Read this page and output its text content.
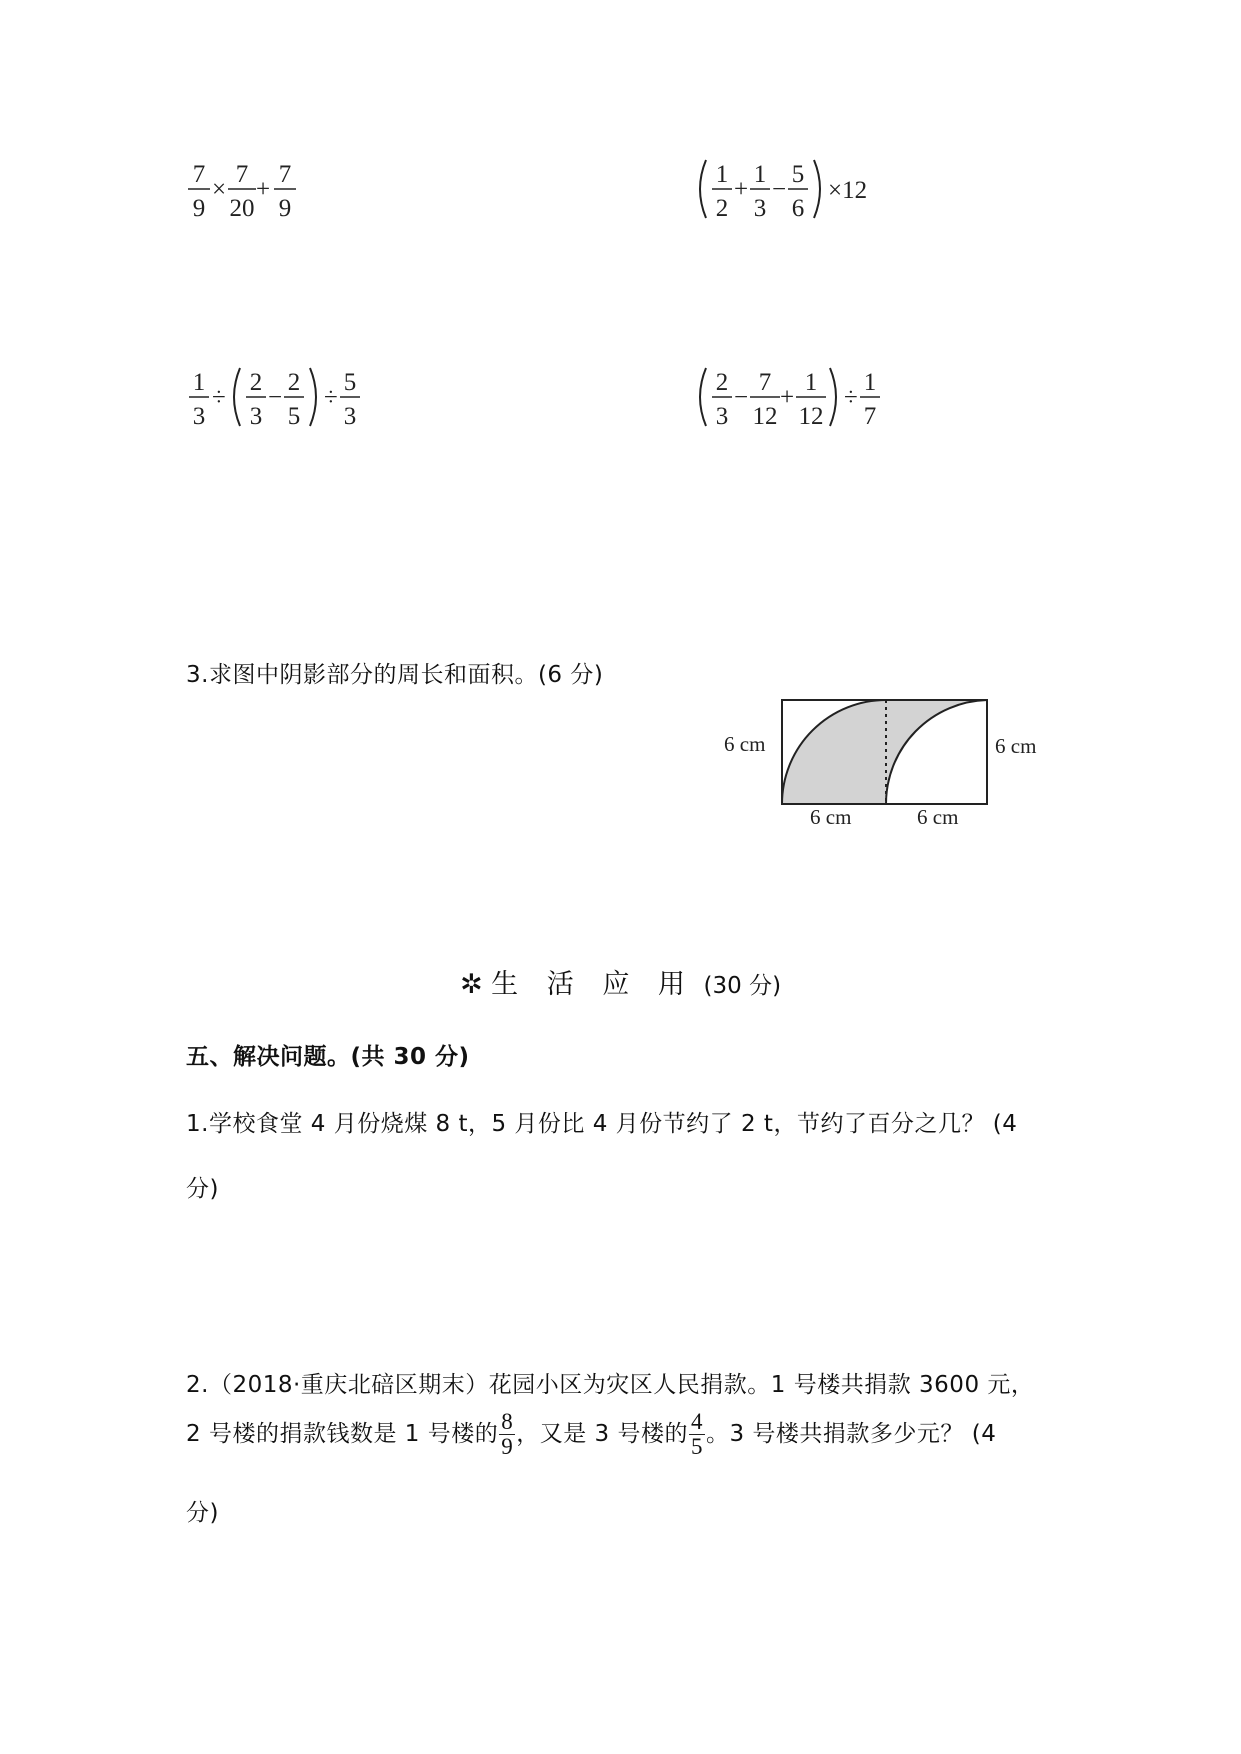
7
9
×
7
20
+
7
9
1
2
+
1
3
−
5
6
×12
1
3
÷
2
3
−
2
5
÷
5
3
2
3
−
7
12
+
1
12
÷
1
7
3.求图中阴影部分的周长和面积。(6 分)
6 cm	6 cm
6 cm	6 cm
✲ 生 活 应 用 (30 分)
五、解决问题。(共 30 分)
1.学校食堂 4 月份烧煤 8 t，5 月份比 4 月份节约了 2 t，节约了百分之几？ (4
分)
2.（2018·重庆北碚区期末）花园小区为灾区人民捐款。1 号楼共捐款 3600 元，
2 号楼的捐款钱数是 1 号楼的 $\frac{8}{9}$ ，又是 3 号楼的 $\frac{4}{5}$ 。3 号楼共捐款多少元？ (4
分)
